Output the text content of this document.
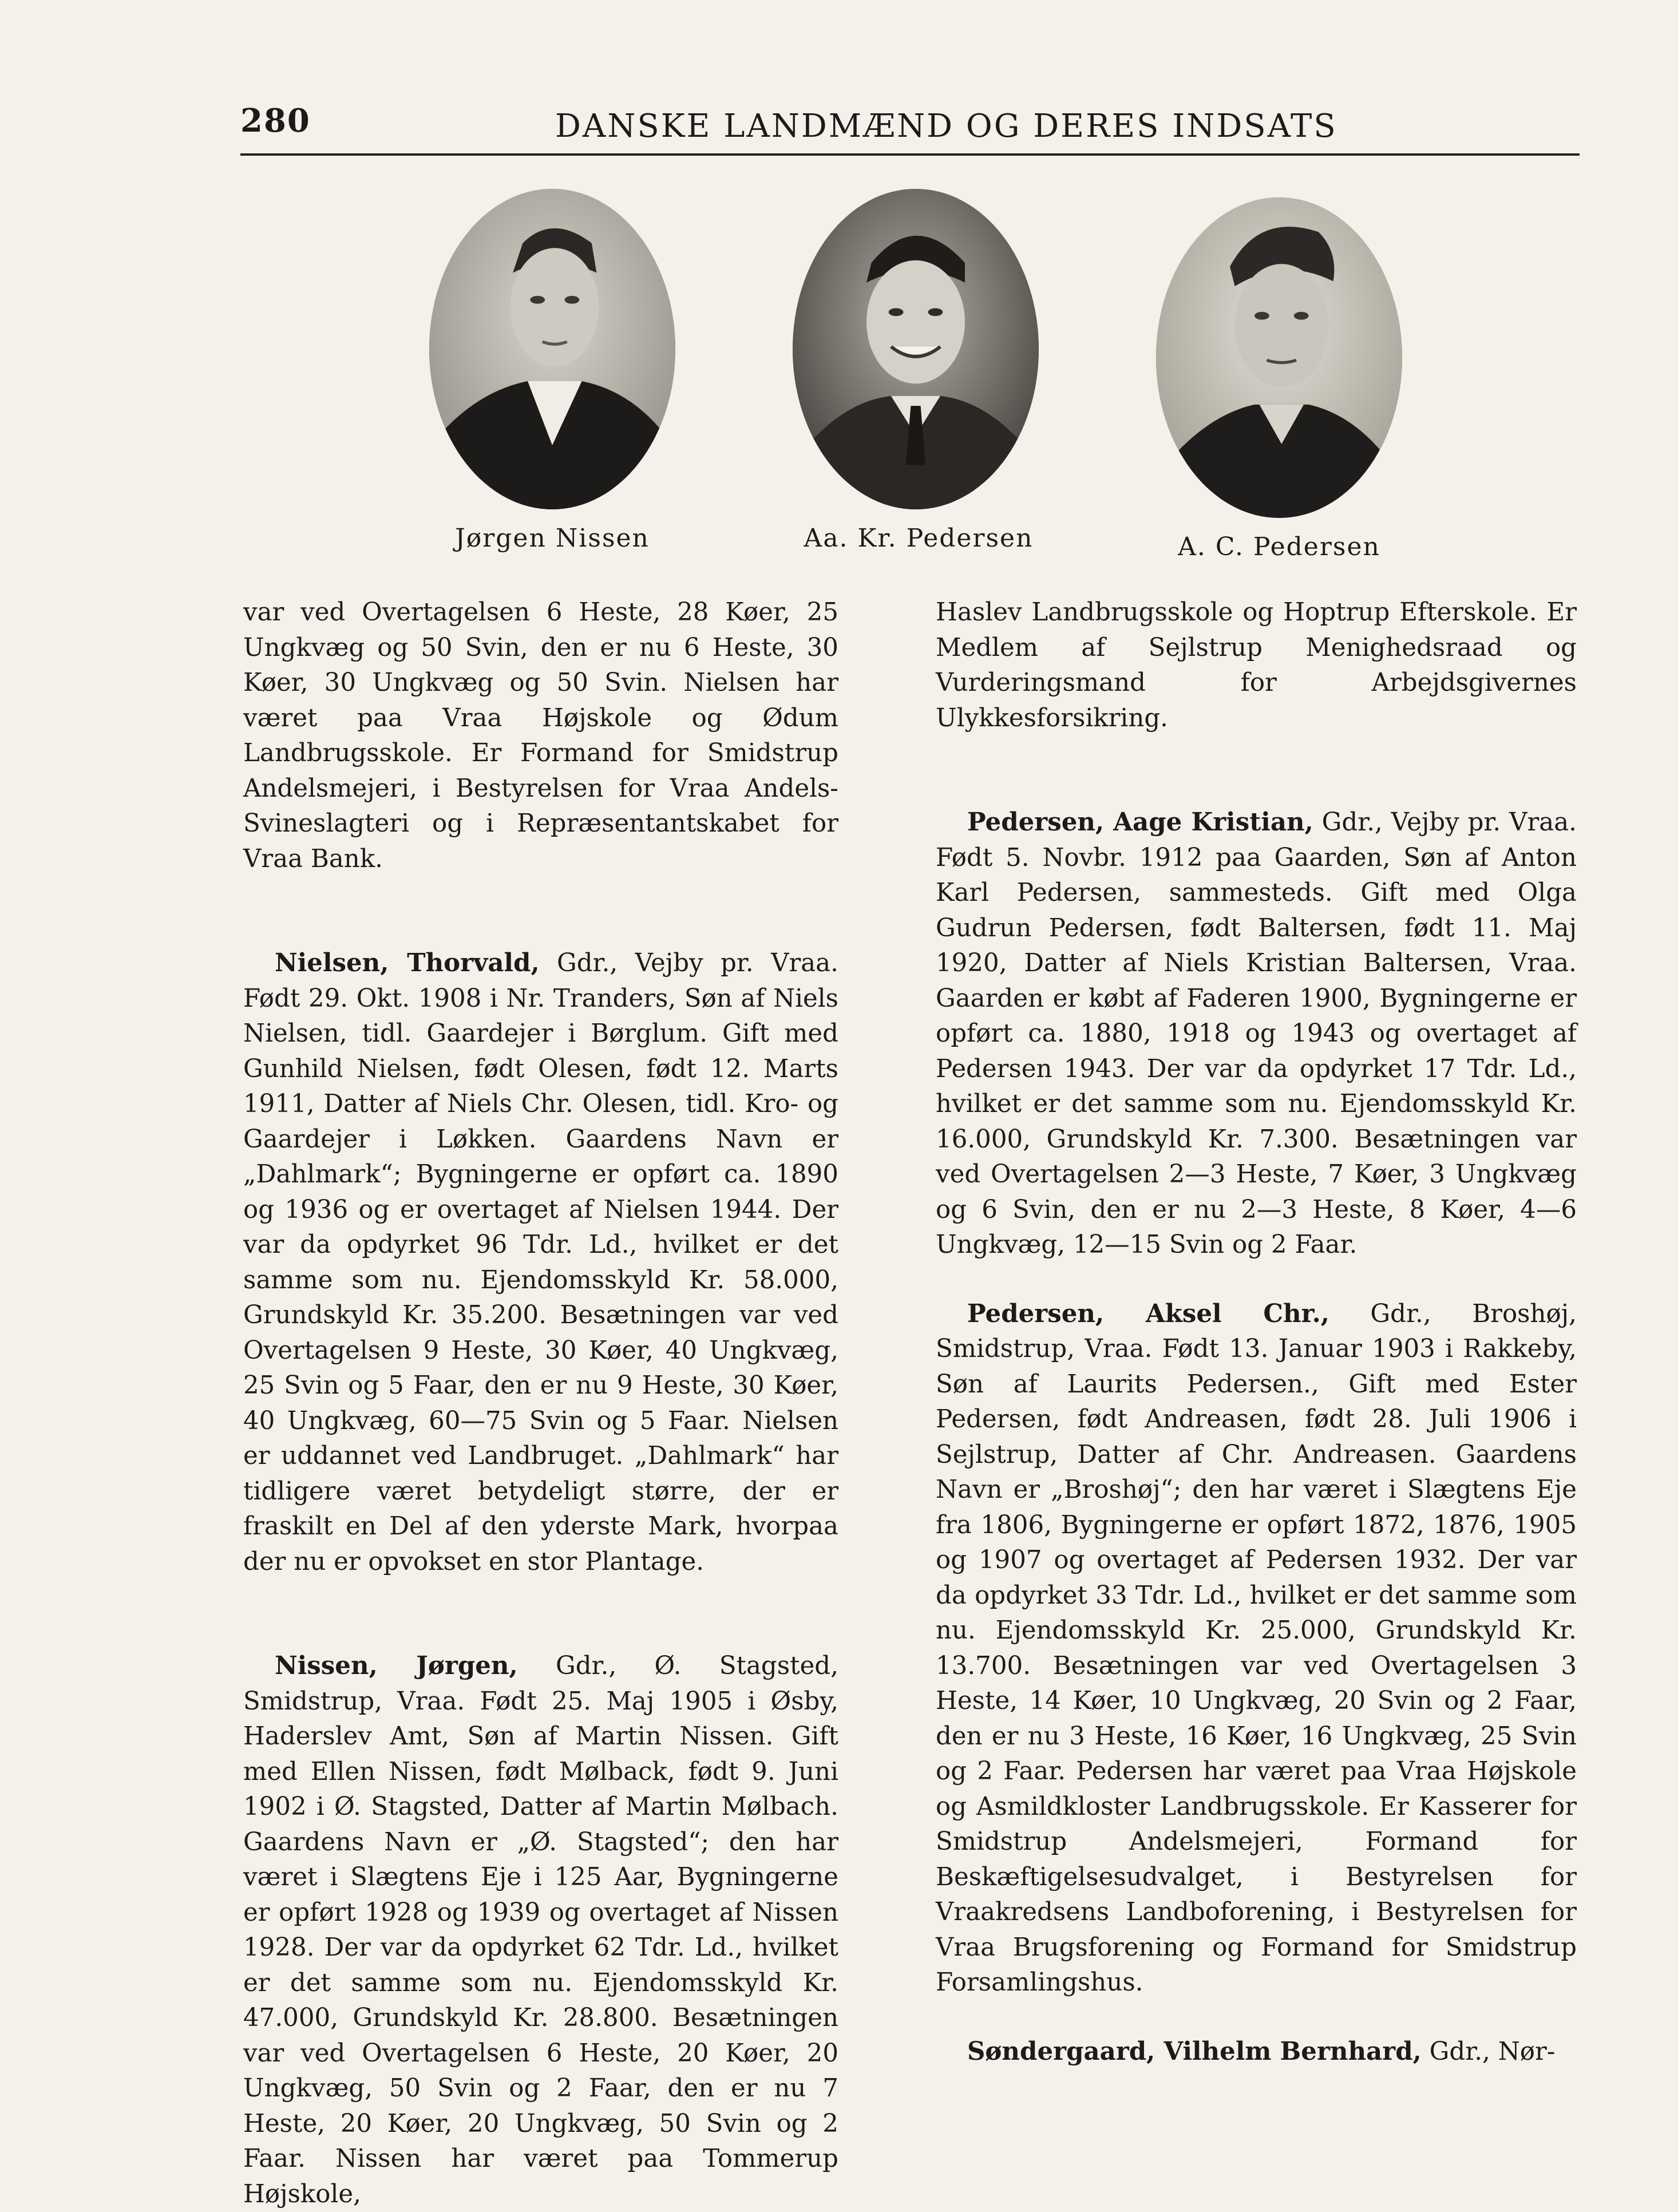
280	DANSKE LANDMÆND OG DERES INDSATS
Jørgen Nissen	Aa. Kr. Pedersen	A. C. Pedersen

var ved Overtagelsen 6 Heste, 28 Køer, 25 Ungkvæg og 50 Svin, den er nu 6 Heste, 30 Køer, 30 Ungkvæg og 50 Svin. Nielsen har været paa Vraa Højskole og Ødum Landbrugsskole. Er Formand for Smidstrup Andelsmejeri, i Bestyrelsen for Vraa Andels-Svineslagteri og i Repræsentantskabet for Vraa Bank.

Nielsen, Thorvald, Gdr., Vejby pr. Vraa. Født 29. Okt. 1908 i Nr. Tranders, Søn af Niels Nielsen, tidl. Gaardejer i Børglum. Gift med Gunhild Nielsen, født Olesen, født 12. Marts 1911, Datter af Niels Chr. Olesen, tidl. Kro- og Gaardejer i Løkken. Gaardens Navn er „Dahlmark“; Bygningerne er opført ca. 1890 og 1936 og er overtaget af Nielsen 1944. Der var da opdyrket 96 Tdr. Ld., hvilket er det samme som nu. Ejendomsskyld Kr. 58.000, Grundskyld Kr. 35.200. Besætningen var ved Overtagelsen 9 Heste, 30 Køer, 40 Ungkvæg, 25 Svin og 5 Faar, den er nu 9 Heste, 30 Køer, 40 Ungkvæg, 60—75 Svin og 5 Faar. Nielsen er uddannet ved Landbruget. „Dahlmark“ har tidligere været betydeligt større, der er fraskilt en Del af den yderste Mark, hvorpaa der nu er opvokset en stor Plantage.

Nissen, Jørgen, Gdr., Ø. Stagsted, Smidstrup, Vraa. Født 25. Maj 1905 i Øsby, Haderslev Amt, Søn af Martin Nissen. Gift med Ellen Nissen, født Mølback, født 9. Juni 1902 i Ø. Stagsted, Datter af Martin Mølbach. Gaardens Navn er „Ø. Stagsted“; den har været i Slægtens Eje i 125 Aar, Bygningerne er opført 1928 og 1939 og overtaget af Nissen 1928. Der var da opdyrket 62 Tdr. Ld., hvilket er det samme som nu. Ejendomsskyld Kr. 47.000, Grundskyld Kr. 28.800. Besætningen var ved Overtagelsen 6 Heste, 20 Køer, 20 Ungkvæg, 50 Svin og 2 Faar, den er nu 7 Heste, 20 Køer, 20 Ungkvæg, 50 Svin og 2 Faar. Nissen har været paa Tommerup Højskole,

Haslev Landbrugsskole og Hoptrup Efterskole. Er Medlem af Sejlstrup Menighedsraad og Vurderingsmand for Arbejdsgivernes Ulykkesforsikring.

Pedersen, Aage Kristian, Gdr., Vejby pr. Vraa. Født 5. Novbr. 1912 paa Gaarden, Søn af Anton Karl Pedersen, sammesteds. Gift med Olga Gudrun Pedersen, født Baltersen, født 11. Maj 1920, Datter af Niels Kristian Baltersen, Vraa. Gaarden er købt af Faderen 1900, Bygningerne er opført ca. 1880, 1918 og 1943 og overtaget af Pedersen 1943. Der var da opdyrket 17 Tdr. Ld., hvilket er det samme som nu. Ejendomsskyld Kr. 16.000, Grundskyld Kr. 7.300. Besætningen var ved Overtagelsen 2—3 Heste, 7 Køer, 3 Ungkvæg og 6 Svin, den er nu 2—3 Heste, 8 Køer, 4—6 Ungkvæg, 12—15 Svin og 2 Faar.

Pedersen, Aksel Chr., Gdr., Broshøj, Smidstrup, Vraa. Født 13. Januar 1903 i Rakkeby, Søn af Laurits Pedersen., Gift med Ester Pedersen, født Andreasen, født 28. Juli 1906 i Sejlstrup, Datter af Chr. Andreasen. Gaardens Navn er „Broshøj“; den har været i Slægtens Eje fra 1806, Bygningerne er opført 1872, 1876, 1905 og 1907 og overtaget af Pedersen 1932. Der var da opdyrket 33 Tdr. Ld., hvilket er det samme som nu. Ejendomsskyld Kr. 25.000, Grundskyld Kr. 13.700. Besætningen var ved Overtagelsen 3 Heste, 14 Køer, 10 Ungkvæg, 20 Svin og 2 Faar, den er nu 3 Heste, 16 Køer, 16 Ungkvæg, 25 Svin og 2 Faar. Pedersen har været paa Vraa Højskole og Asmildkloster Landbrugsskole. Er Kasserer for Smidstrup Andelsmejeri, Formand for Beskæftigelsesudvalget, i Bestyrelsen for Vraakredsens Landboforening, i Bestyrelsen for Vraa Brugsforening og Formand for Smidstrup Forsamlingshus.

Søndergaard, Vilhelm Bernhard, Gdr., Nør-
